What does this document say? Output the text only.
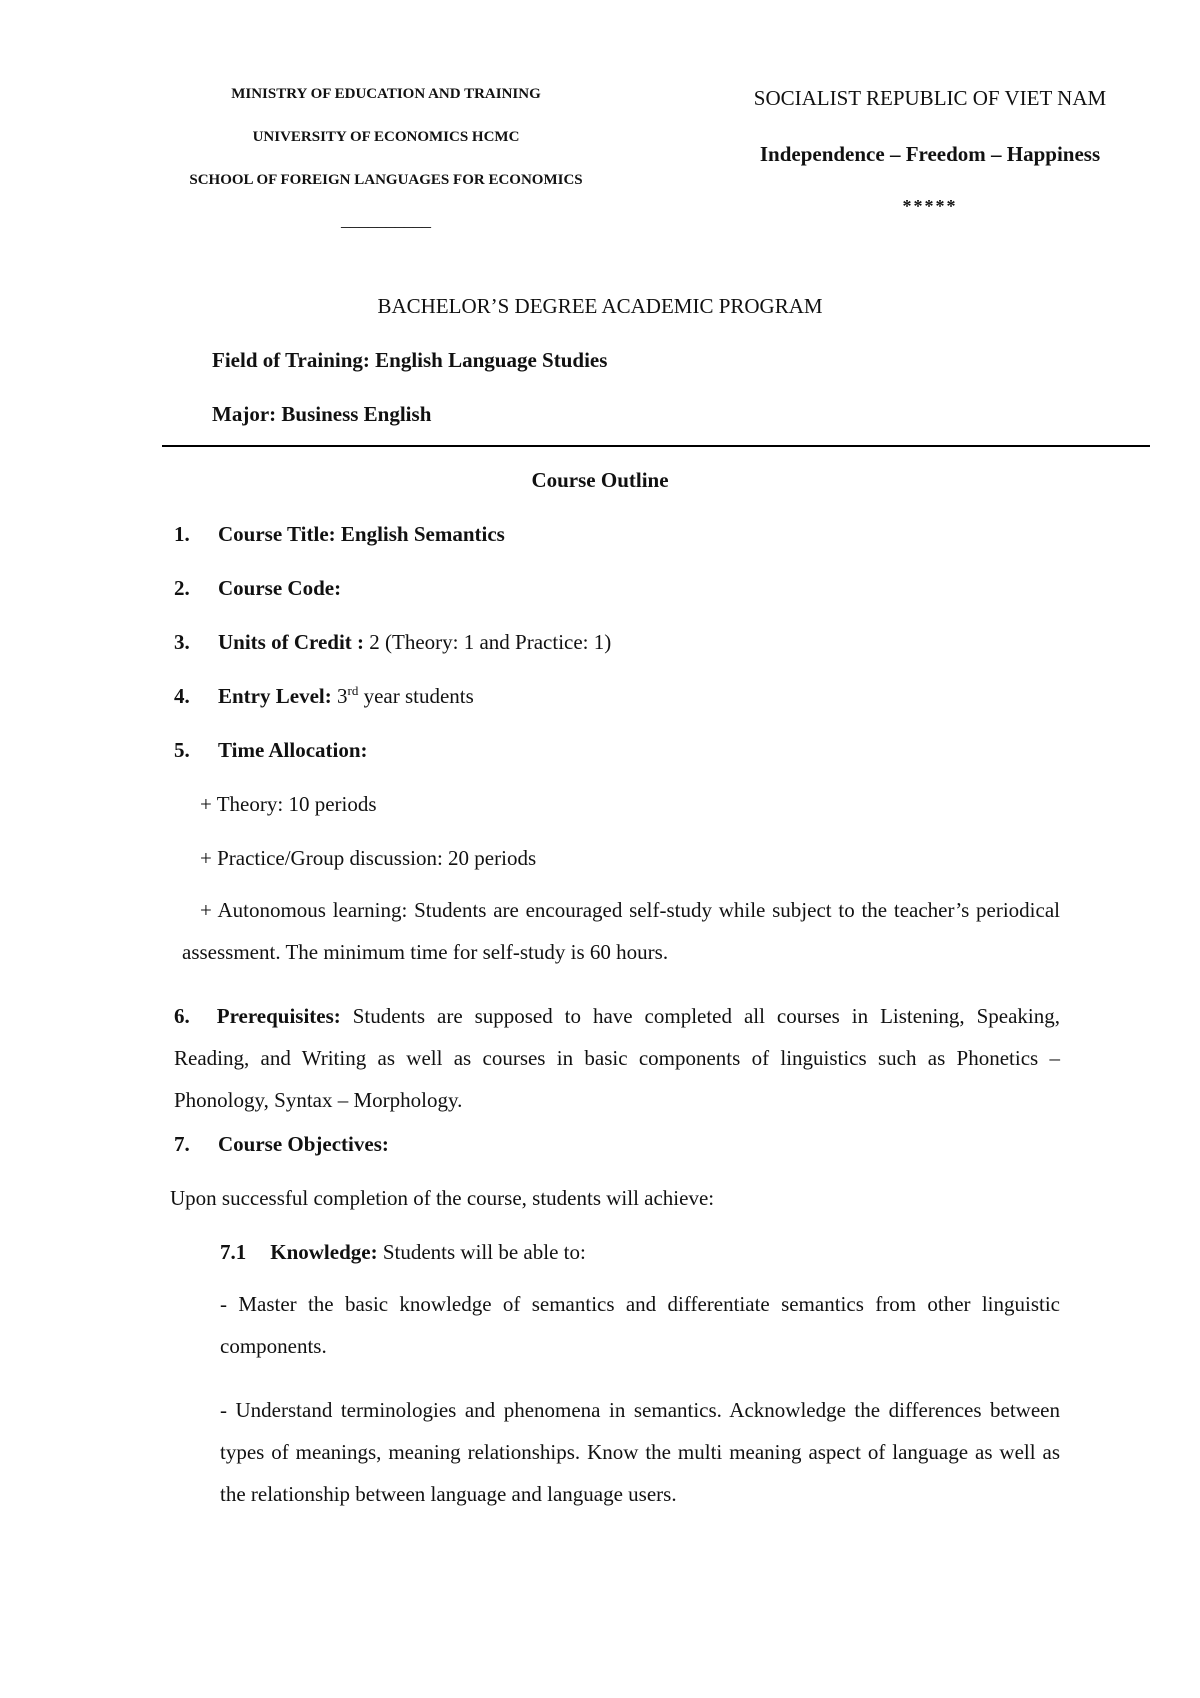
MINISTRY OF EDUCATION AND TRAINING
UNIVERSITY OF ECONOMICS HCMC
SCHOOL OF FOREIGN LANGUAGES FOR ECONOMICS
––––––––––
SOCIALIST REPUBLIC OF VIET NAM
Independence – Freedom – Happiness
*****
BACHELOR’S DEGREE ACADEMIC PROGRAM
Field of Training: English Language Studies
Major: Business English
Course Outline
1. Course Title: English Semantics
2. Course Code:
3. Units of Credit : 2 (Theory: 1 and Practice: 1)
4. Entry Level: 3rd year students
5. Time Allocation:
+ Theory: 10 periods
+ Practice/Group discussion: 20 periods
+ Autonomous learning: Students are encouraged self-study while subject to the teacher’s periodical assessment. The minimum time for self-study is 60 hours.
6. Prerequisites: Students are supposed to have completed all courses in Listening, Speaking, Reading, and Writing as well as courses in basic components of linguistics such as Phonetics – Phonology, Syntax – Morphology.
7. Course Objectives:
Upon successful completion of the course, students will achieve:
7.1 Knowledge: Students will be able to:
- Master the basic knowledge of semantics and differentiate semantics from other linguistic components.
- Understand terminologies and phenomena in semantics. Acknowledge the differences between types of meanings, meaning relationships. Know the multi meaning aspect of language as well as the relationship between language and language users.
